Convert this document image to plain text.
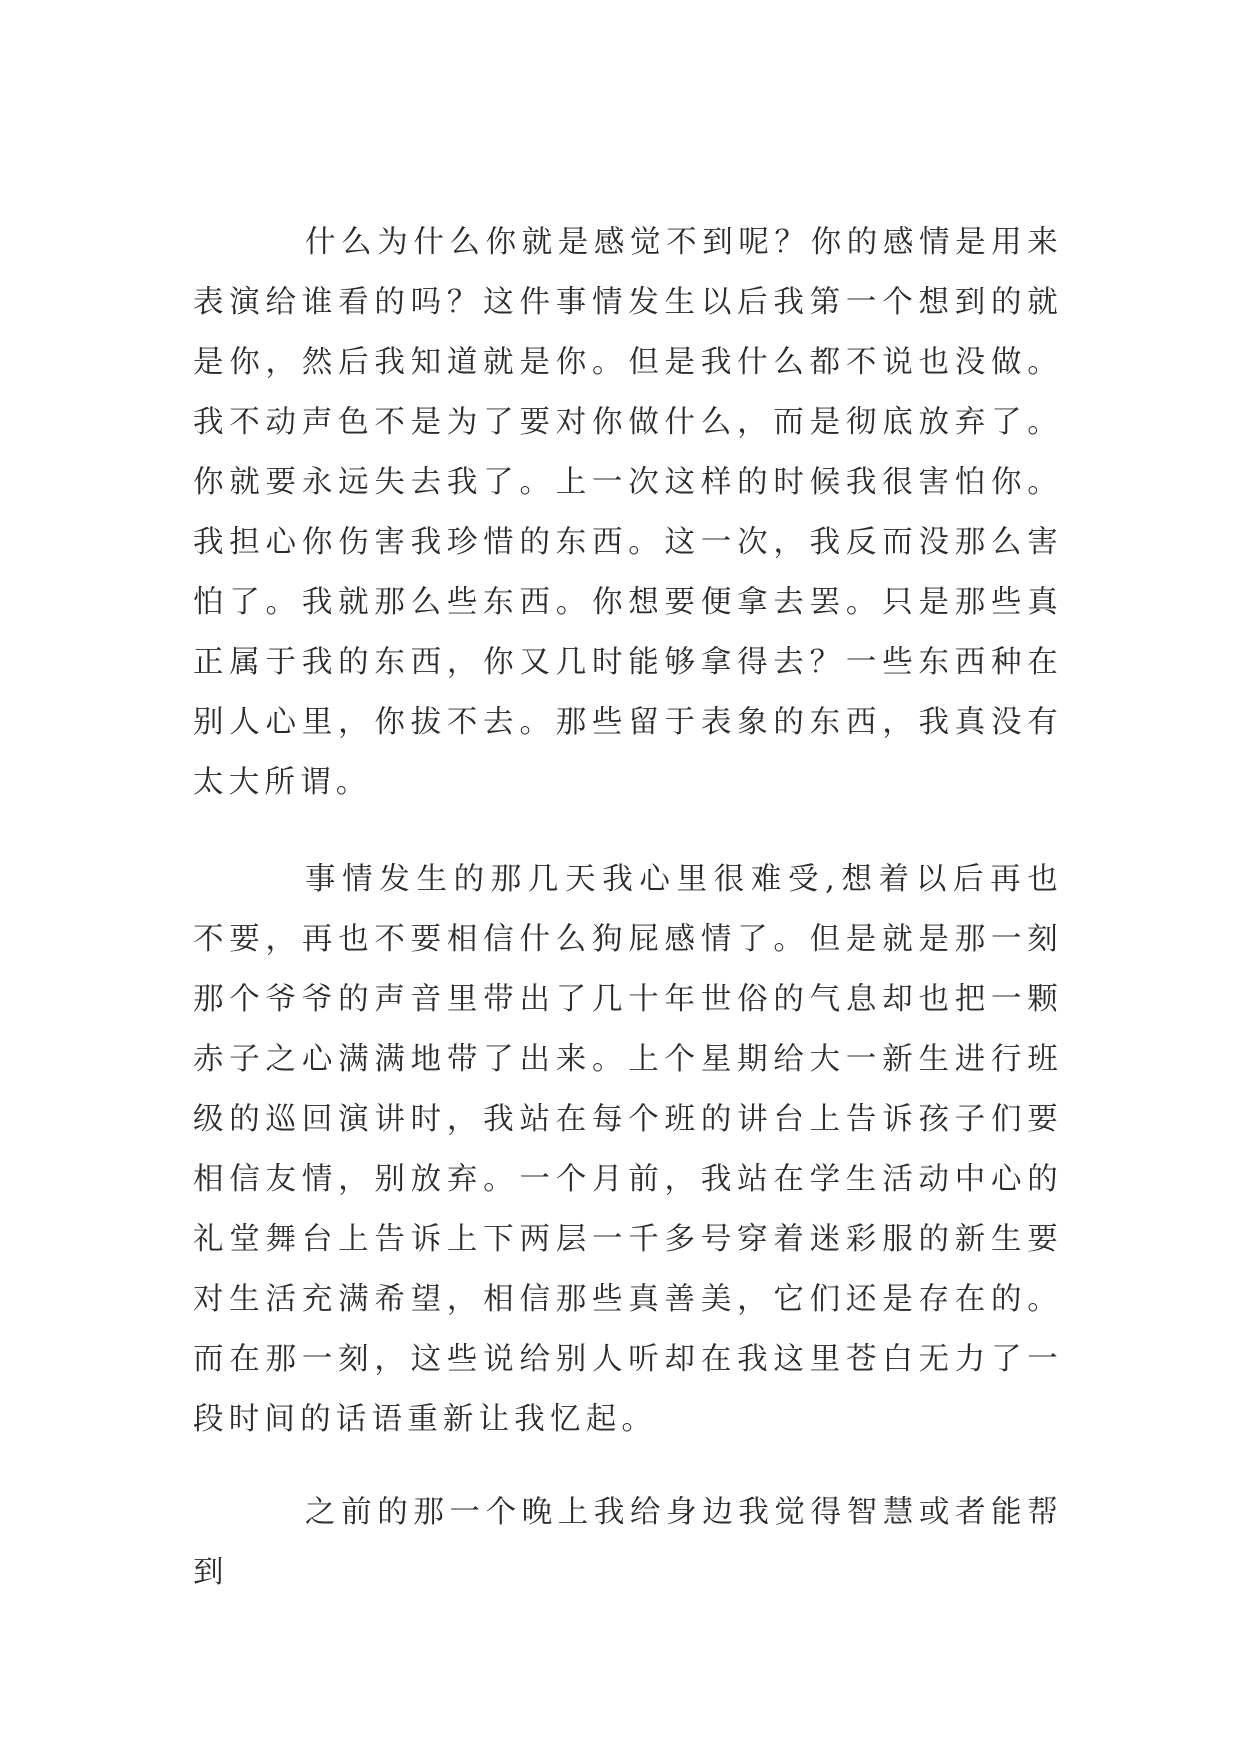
什么为什么你就是感觉不到呢？你的感情是用来表演给谁看的吗？这件事情发生以后我第一个想到的就是你，然后我知道就是你。但是我什么都不说也没做。我不动声色不是为了要对你做什么，而是彻底放弃了。你就要永远失去我了。上一次这样的时候我很害怕你。我担心你伤害我珍惜的东西。这一次，我反而没那么害怕了。我就那么些东西。你想要便拿去罢。只是那些真正属于我的东西，你又几时能够拿得去？一些东西种在别人心里，你拔不去。那些留于表象的东西，我真没有太大所谓。

事情发生的那几天我心里很难受,想着以后再也不要，再也不要相信什么狗屁感情了。但是就是那一刻那个爷爷的声音里带出了几十年世俗的气息却也把一颗赤子之心满满地带了出来。上个星期给大一新生进行班级的巡回演讲时，我站在每个班的讲台上告诉孩子们要相信友情，别放弃。一个月前，我站在学生活动中心的礼堂舞台上告诉上下两层一千多号穿着迷彩服的新生要对生活充满希望，相信那些真善美，它们还是存在的。而在那一刻，这些说给别人听却在我这里苍白无力了一段时间的话语重新让我忆起。

之前的那一个晚上我给身边我觉得智慧或者能帮到
